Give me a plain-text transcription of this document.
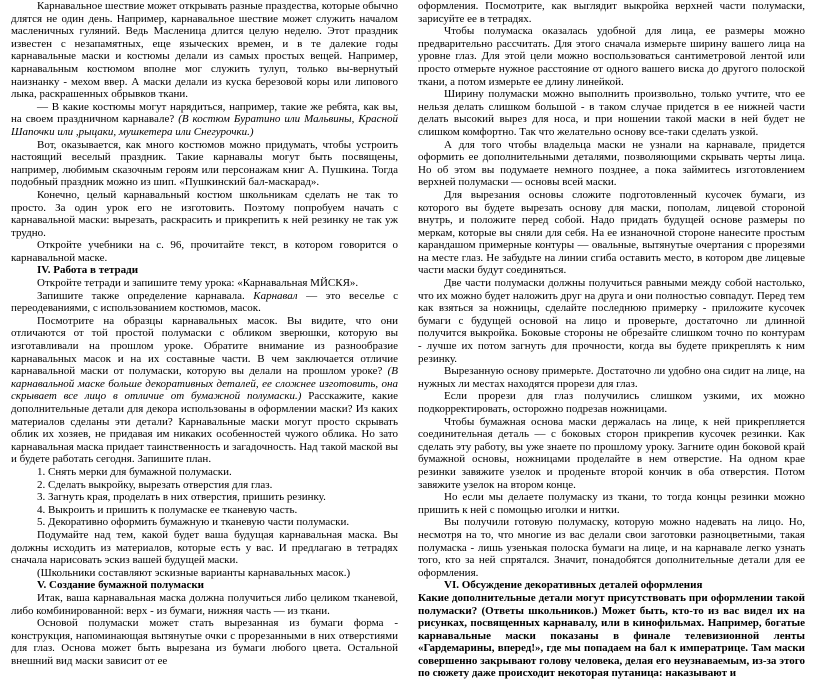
Карнавальное шествие может открывать разные праздества, которые обычно длятся не один день. Например, карнавальное шествие может служить началом масленичных гуляний. Ведь Масленица длится целую неделю. Этот праздник известен с незапамятных, еще языческих времен, и в те далекие годы карнавальные маски и костюмы делали из самых простых вещей. Например, карнавальным костюмом вполне мог служить тулуп, только вы-вернутый наизнанку - мехом ввер. А маски делали из куска березовой коры или липового лыка, раскрашенных обрывков ткани.

— В какие костюмы могут нарядиться, например, такие же ребята, как вы, на своем праздничном карнавале? (В костюм Буратино или Мальвины, Красной Шапочки или ,рыцаки, мушкетера или Снегурочки.)

Вот, оказывается, как много костюмов можно придумать, чтобы устроить настоящий веселый праздник. Такие карнавалы могут быть посвящены, например, любимым сказочным героям или персонажам книг А. Пушкина. Тогда подобный праздник можно из шип. «Пушкинский бал-маскарад».

Конечно, целый карнавальный костюм школьникам сделать не так то просто. За один урок его не изготовить. Поэтому попробуем начать с карнавальной маски: вырезать, раскрасить и прикрепить к ней резинку не так уж трудно.

Откройте учебники на с. 96, прочитайте текст, в котором говорится о карнавальной маске.

IV. Работа в тетради

Откройте тетради и запишите тему урока: «Карнавальная МЙСКЯ».

Запишите также определение карнавала. Карнавал — это веселье с переодеваниями, с использованием костюмов, масок.

Посмотрите на образцы карнавальных масок. Вы видите, что они отличаются от той простой полумаски с обликом зверюшки, которую вы изготавливали на прошлом уроке. Обратите внимание из разнообразие карнавальных масок и на их составные части. В чем заключается отличие карнавальной маски от полумаски, которую вы делали на прошлом уроке? (В карнавальной маске больше декоративных деталей, ее сложнее изготовить, она скрывает все лицо в отличие от бумажной полумаски.) Расскажите, какие дополнительные детали для декора использованы в оформлении маски? Из каких материалов сделаны эти детали? Карнавальные маски могут просто скрывать облик их хозяев, не придавая им никаких особенностей чужого облика. Но зато карнавальная маска придает таинственность и загадочность. Над такой маской вы и будете работать сегодня. Запишите план.

1. Снять мерки для бумажной полумаски.
2. Сделать выкройку, вырезать отверстия для глаз.
3. Загнуть края, проделать в них отверстия, пришить резинку.
4. Выкроить и пришить к полумаске ее тканевую часть.
5. Декоративно оформить бумажную и тканевую части полумаски.

Подумайте над тем, какой будет ваша будущая карнавальная маска. Вы должны исходить из материалов, которые есть у вас. И предлагаю в тетрадях сначала нарисовать эскиз вашей будущей маски.

(Школьники составляют эскизные варианты карнавальных масок.)

V. Создание бумажной полумаски

Итак, ваша карнавальная маска должна получиться либо целиком тканевой, либо комбинированной: верх - из бумаги, нижняя часть — из ткани.

Основой полумаски может стать вырезанная из бумаги форма - конструкция, напоминающая вытянутые очки с прорезанными в них отверстиями для глаз. Основа может быть вырезана из бумаги любого цвета. Остальной внешний вид маски зависит от ее

оформления. Посмотрите, как выглядит выкройка верхней части полумаски, зарисуйте ее в тетрадях.

Чтобы полумаска оказалась удобной для лица, ее размеры можно предварительно рассчитать. Для этого сначала измерьте ширину вашего лица на уровне глаз. Для этой цели можно воспользоваться сантиметровой лентой или просто отмерьте нужное расстояние от одного вашего виска до другого полоской ткани, а потом измерьте ее длину линейкой.

Ширину полумаски можно выполнить произвольно, только учтите, что ее нельзя делать слишком большой - в таком случае придется в ее нижней части делать высокий вырез для носа, и при ношении такой маски в ней будет не слишком комфортно. Так что желательно основу все-таки сделать узкой.

А для того чтобы владельца маски не узнали на карнавале, придется оформить ее дополнительными деталями, позволяющими скрывать черты лица. Но об этом вы подумаете немного позднее, а пока займитесь изготовлением верхней полумаски — основы всей маски.

Для вырезания основы сложите подготовленный кусочек бумаги, из которого вы будете вырезать основу для маски, пополам, лицевой стороной внутрь, и положите перед собой. Надо придать будущей основе размеры по меркам, которые вы сняли для себя. На ее изнаночной стороне нанесите простым карандашом примерные контуры — овальные, вытянутые очертания с прорезями на месте глаз. Не забудьте на линии сгиба оставить место, в котором две лицевые части маски будут соединяться.

Две части полумаски должны получиться равными между собой настолько, что их можно будет наложить друг на друга и они полностью совпадут. Перед тем как взяться за ножницы, сделайте последнюю примерку - приложите кусочек бумаги с будущей основой на лицо и проверьте, достаточно ли длинной получится выкройка. Боковые стороны не обрезайте слишком точно по контурам - лучше их потом загнуть для прочности, когда вы будете прикреплять к ним резинку.

Вырезанную основу примерьте. Достаточно ли удобно она сидит на лице, на нужных ли местах находятся прорези для глаз.

Если прорези для глаз получились слишком узкими, их можно подкорректировать, осторожно подрезав ножницами.

Чтобы бумажная основа маски держалась на лице, к ней прикрепляется соединительная деталь — с боковых сторон прикрепив кусочек резинки. Как сделать эту работу, вы уже знаете по прошлому уроку. Загните один боковой край бумажной основы, ножницами проделайте в нем отверстие. На одном крае резинки завяжите узелок и проденьте второй кончик в оба отверстия. Потом завяжите узелок на втором конце.

Но если мы делаете полумаску из ткани, то тогда концы резинки можно пришить к ней с помощью иголки и нитки.

Вы получили готовую полумаску, которую можно надевать на лицо. Но, несмотря на то, что многие из вас делали свои заготовки разноцветными, такая полумаска - лишь узенькая полоска бумаги на лице, и на карнавале легко узнать того, кто за ней спрятался. Значит, понадобятся дополнительные детали для ее оформления.

VI. Обсуждение декоративных деталей оформления

Какие дополнительные детали могут присутствовать при оформлении такой полумаски? (Ответы школьников.) Может быть, кто-то из вас видел их на рисунках, посвященных карнавалу, или в кинофильмах. Например, богатые карнавальные маски показаны в финале телевизионной ленты «Гардемарины, вперед!», где мы попадаем на бал к императрице. Там маски совершенно закрывают голову человека, делая его неузнаваемым, из-за этого по сюжету даже происходит некоторая путаница: наказывают и
